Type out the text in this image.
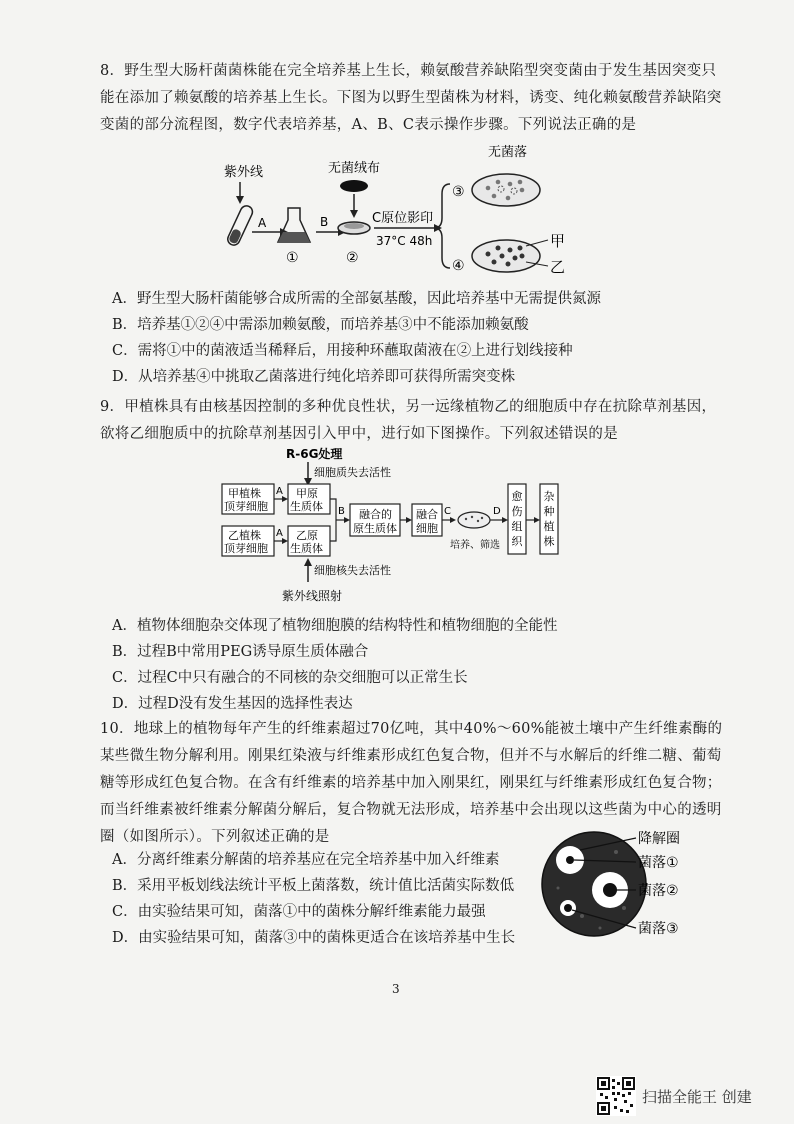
8．野生型大肠杆菌菌株能在完全培养基上生长，赖氨酸营养缺陷型突变菌由于发生基因突变只
能在添加了赖氨酸的培养基上生长。下图为以野生型菌株为材料，诱变、纯化赖氨酸营养缺陷突
变菌的部分流程图，数字代表培养基，A、B、C表示操作步骤。下列说法正确的是
紫外线
A
①
B
无菌绒布
②
C原位影印
37°C 48h
③
无菌落
④
甲
乙
A．野生型大肠杆菌能够合成所需的全部氨基酸，因此培养基中无需提供氮源
B．培养基①②④中需添加赖氨酸，而培养基③中不能添加赖氨酸
C．需将①中的菌液适当稀释后，用接种环蘸取菌液在②上进行划线接种
D．从培养基④中挑取乙菌落进行纯化培养即可获得所需突变株
9．甲植株具有由核基因控制的多种优良性状，另一远缘植物乙的细胞质中存在抗除草剂基因，
欲将乙细胞质中的抗除草剂基因引入甲中，进行如下图操作。下列叙述错误的是
R-6G处理
细胞质失去活性
甲植株
顶芽细胞
A 甲原
生质体
乙植株
顶芽细胞
A 乙原
生质体
B 融合的
原生质体
融合
细胞
C
培养、筛选
D
愈伤组织
杂种植株
细胞核失去活性
紫外线照射
A．植物体细胞杂交体现了植物细胞膜的结构特性和植物细胞的全能性
B．过程B中常用PEG诱导原生质体融合
C．过程C中只有融合的不同核的杂交细胞可以正常生长
D．过程D没有发生基因的选择性表达
10．地球上的植物每年产生的纤维素超过70亿吨，其中40%～60%能被土壤中产生纤维素酶的
某些微生物分解利用。刚果红染液与纤维素形成红色复合物，但并不与水解后的纤维二糖、葡萄
糖等形成红色复合物。在含有纤维素的培养基中加入刚果红，刚果红与纤维素形成红色复合物；
而当纤维素被纤维素分解菌分解后，复合物就无法形成，培养基中会出现以这些菌为中心的透明
圈（如图所示）。下列叙述正确的是
A．分离纤维素分解菌的培养基应在完全培养基中加入纤维素
B．采用平板划线法统计平板上菌落数，统计值比活菌实际数低
C．由实验结果可知，菌落①中的菌株分解纤维素能力最强
D．由实验结果可知，菌落③中的菌株更适合在该培养基中生长
降解圈
菌落①
菌落②
菌落③
3
扫描全能王 创建
